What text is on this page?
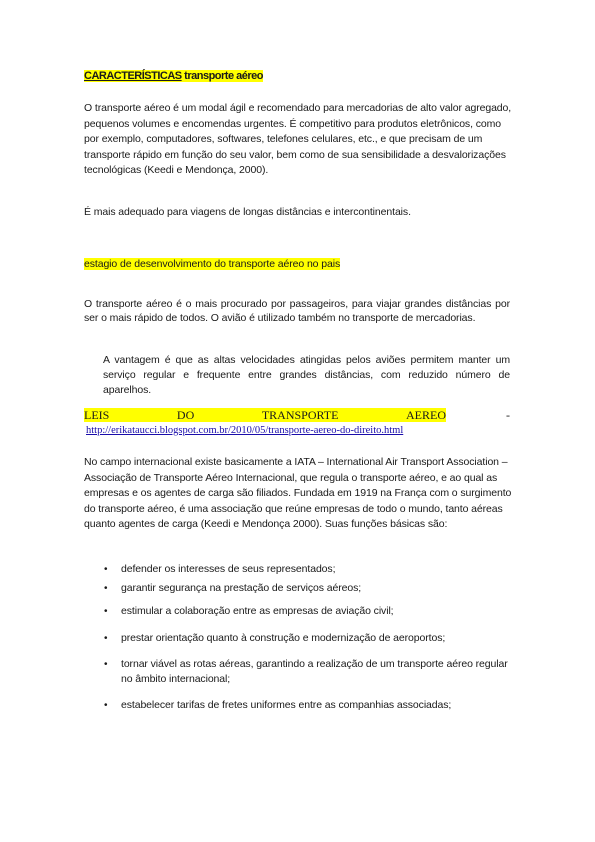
CARACTERÍSTICAS transporte aéreo
O transporte aéreo é um modal ágil e recomendado para mercadorias de alto valor agregado, pequenos volumes e encomendas urgentes. É competitivo para produtos eletrônicos, como por exemplo, computadores, softwares, telefones celulares, etc., e que precisam de um transporte rápido em função do seu valor, bem como de sua sensibilidade a desvalorizações tecnológicas (Keedi e Mendonça, 2000).
É mais adequado para viagens de longas distâncias e intercontinentais.
estagio de desenvolvimento do transporte aéreo no pais
O transporte aéreo é o mais procurado por passageiros, para viajar grandes distâncias por ser o mais rápido de todos. O avião é utilizado também no transporte de mercadorias.
A vantagem é que as altas velocidades atingidas pelos aviões permitem manter um serviço regular e frequente entre grandes distâncias, com reduzido número de aparelhos.
LEIS	DO	TRANSPORTE	AEREO	-
http://erikataucci.blogspot.com.br/2010/05/transporte-aereo-do-direito.html
No campo internacional existe basicamente a IATA – International Air Transport Association – Associação de Transporte Aéreo Internacional, que regula o transporte aéreo, e ao qual as empresas e os agentes de carga são filiados. Fundada em 1919 na França com o surgimento do transporte aéreo, é uma associação que reúne empresas de todo o mundo, tanto aéreas quanto agentes de carga (Keedi e Mendonça 2000). Suas funções básicas são:
• defender os interesses de seus representados;
• garantir segurança na prestação de serviços aéreos;
• estimular a colaboração entre as empresas de aviação civil;
• prestar orientação quanto à construção e modernização de aeroportos;
• tornar viável as rotas aéreas, garantindo a realização de um transporte aéreo regular no âmbito internacional;
• estabelecer tarifas de fretes uniformes entre as companhias associadas;
